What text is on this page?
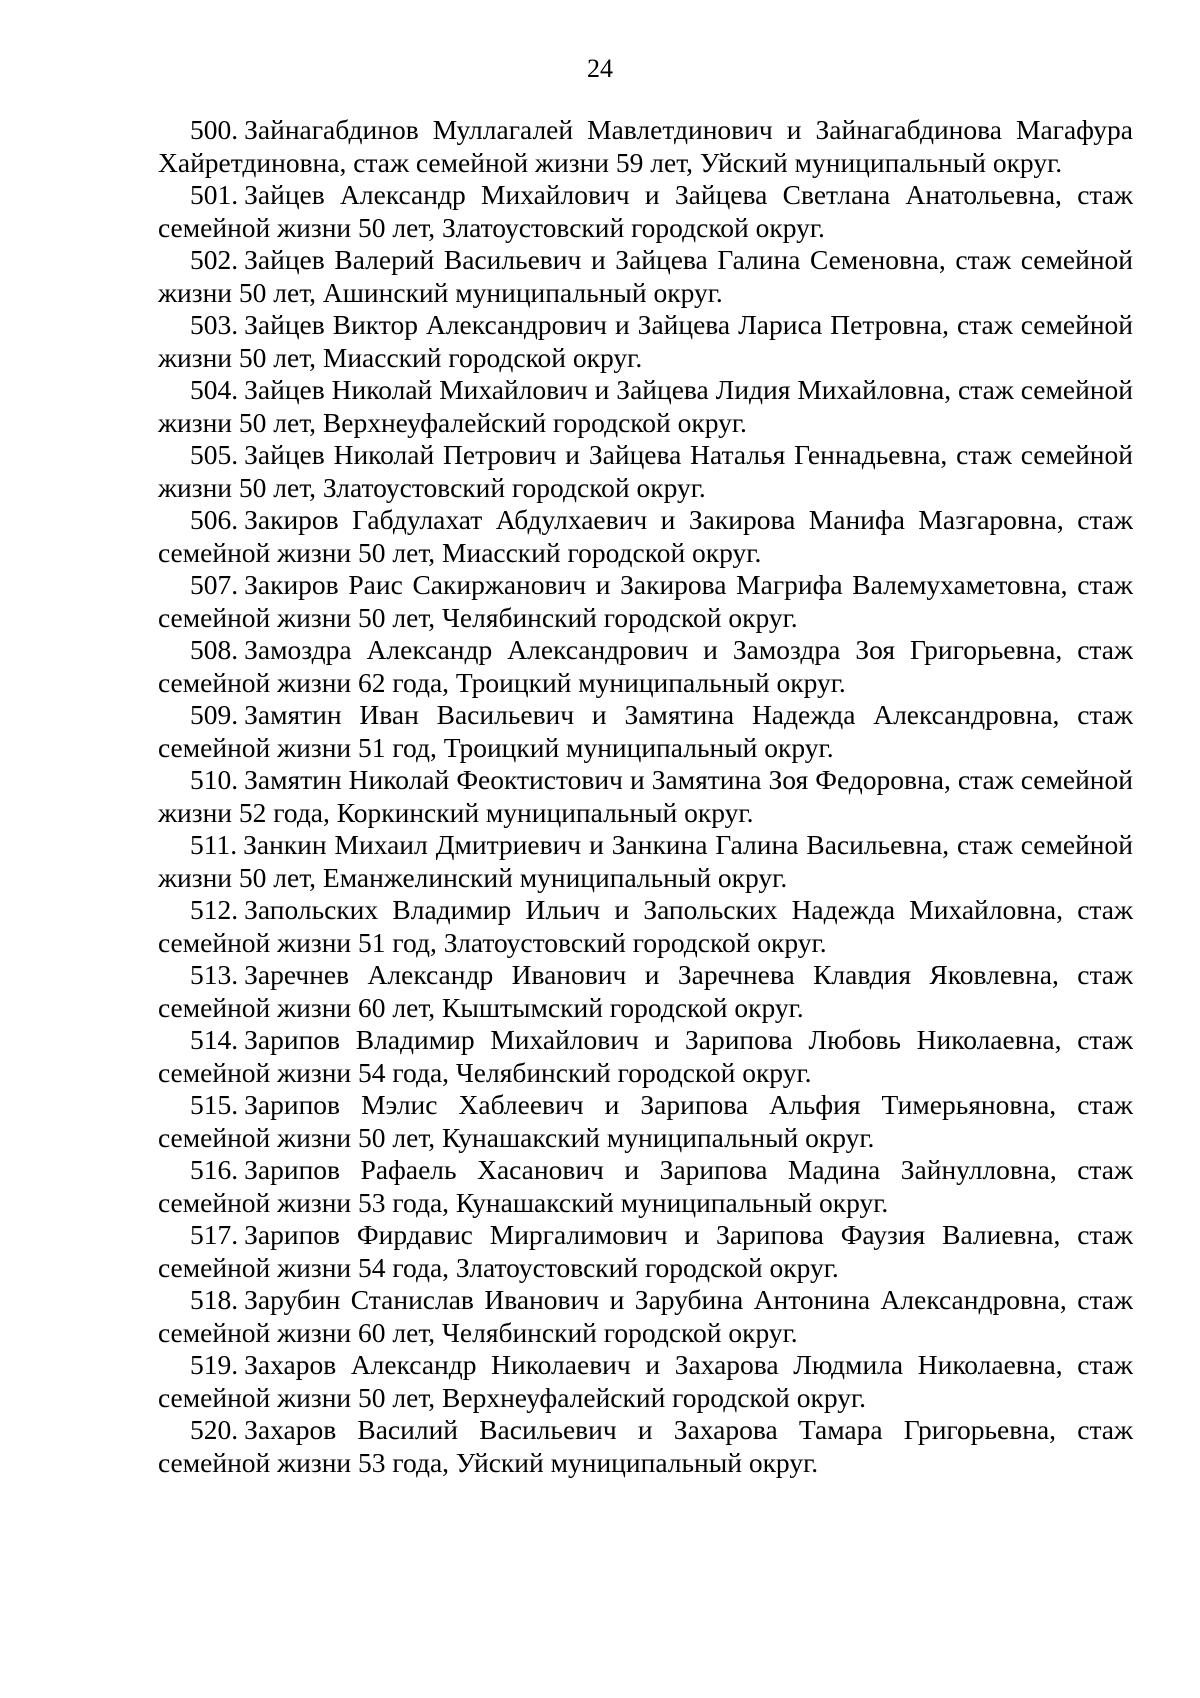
24

500. Зайнагабдинов Муллагалей Мавлетдинович и Зайнагабдинова Магафура Хайретдиновна, стаж семейной жизни 59 лет, Уйский муниципальный округ.

501. Зайцев Александр Михайлович и Зайцева Светлана Анатольевна, стаж семейной жизни 50 лет, Златоустовский городской округ.

502. Зайцев Валерий Васильевич и Зайцева Галина Семеновна, стаж семейной жизни 50 лет, Ашинский муниципальный округ.

503. Зайцев Виктор Александрович и Зайцева Лариса Петровна, стаж семейной жизни 50 лет, Миасский городской округ.

504. Зайцев Николай Михайлович и Зайцева Лидия Михайловна, стаж семейной жизни 50 лет, Верхнеуфалейский городской округ.

505. Зайцев Николай Петрович и Зайцева Наталья Геннадьевна, стаж семейной жизни 50 лет, Златоустовский городской округ.

506. Закиров Габдулахат Абдулхаевич и Закирова Манифа Мазгаровна, стаж семейной жизни 50 лет, Миасский городской округ.

507. Закиров Раис Сакиржанович и Закирова Магрифа Валемухаметовна, стаж семейной жизни 50 лет, Челябинский городской округ.

508. Замоздра Александр Александрович и Замоздра Зоя Григорьевна, стаж семейной жизни 62 года, Троицкий муниципальный округ.

509. Замятин Иван Васильевич и Замятина Надежда Александровна, стаж семейной жизни 51 год, Троицкий муниципальный округ.

510. Замятин Николай Феоктистович и Замятина Зоя Федоровна, стаж семейной жизни 52 года, Коркинский муниципальный округ.

511. Занкин Михаил Дмитриевич и Занкина Галина Васильевна, стаж семейной жизни 50 лет, Еманжелинский муниципальный округ.

512. Запольских Владимир Ильич и Запольских Надежда Михайловна, стаж семейной жизни 51 год, Златоустовский городской округ.

513. Заречнев Александр Иванович и Заречнева Клавдия Яковлевна, стаж семейной жизни 60 лет, Кыштымский городской округ.

514. Зарипов Владимир Михайлович и Зарипова Любовь Николаевна, стаж семейной жизни 54 года, Челябинский городской округ.

515. Зарипов Мэлис Хаблеевич и Зарипова Альфия Тимерьяновна, стаж семейной жизни 50 лет, Кунашакский муниципальный округ.

516. Зарипов Рафаель Хасанович и Зарипова Мадина Зайнулловна, стаж семейной жизни 53 года, Кунашакский муниципальный округ.

517. Зарипов Фирдавис Миргалимович и Зарипова Фаузия Валиевна, стаж семейной жизни 54 года, Златоустовский городской округ.

518. Зарубин Станислав Иванович и Зарубина Антонина Александровна, стаж семейной жизни 60 лет, Челябинский городской округ.

519. Захаров Александр Николаевич и Захарова Людмила Николаевна, стаж семейной жизни 50 лет, Верхнеуфалейский городской округ.

520. Захаров Василий Васильевич и Захарова Тамара Григорьевна, стаж семейной жизни 53 года, Уйский муниципальный округ.
